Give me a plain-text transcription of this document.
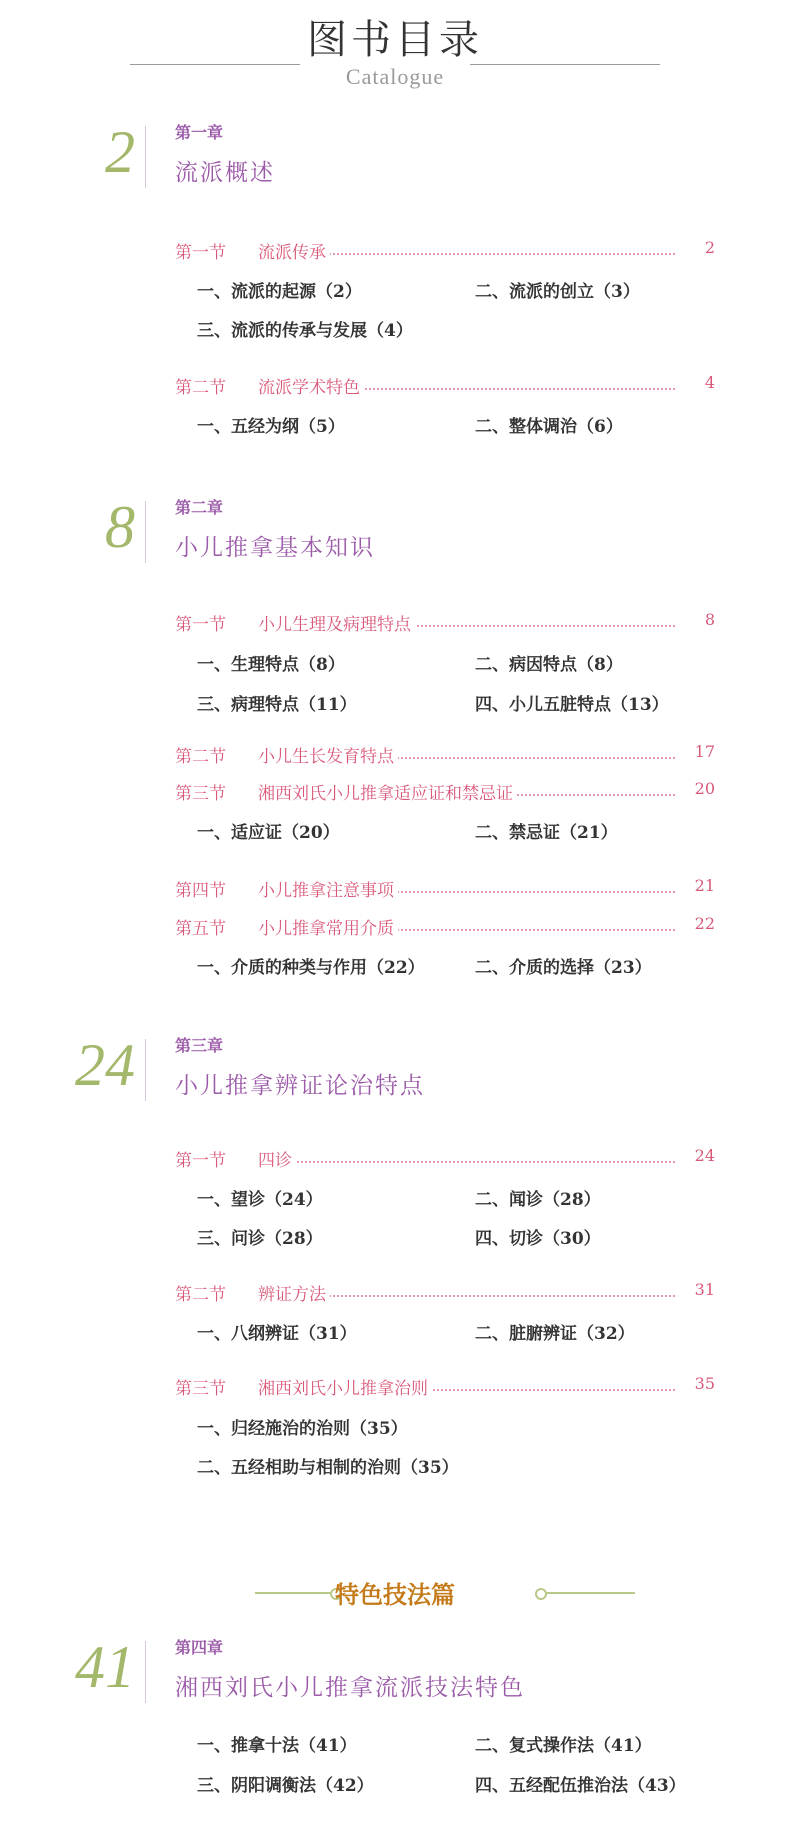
图书目录
Catalogue
2	第一章
流派概述
第一节 流派传承	2
一、流派的起源（2）	二、流派的创立（3）
三、流派的传承与发展（4）
第二节 流派学术特色	4
一、五经为纲（5）	二、整体调治（6）
8	第二章
小儿推拿基本知识
第一节 小儿生理及病理特点	8
一、生理特点（8）	二、病因特点（8）
三、病理特点（11）	四、小儿五脏特点（13）
第二节 小儿生长发育特点	17
第三节 湘西刘氏小儿推拿适应证和禁忌证	20
一、适应证（20）	二、禁忌证（21）
第四节 小儿推拿注意事项	21
第五节 小儿推拿常用介质	22
一、介质的种类与作用（22）	二、介质的选择（23）
24	第三章
小儿推拿辨证论治特点
第一节 四诊	24
一、望诊（24）	二、闻诊（28）
三、问诊（28）	四、切诊（30）
第二节 辨证方法	31
一、八纲辨证（31）	二、脏腑辨证（32）
第三节 湘西刘氏小儿推拿治则	35
一、归经施治的治则（35）
二、五经相助与相制的治则（35）
特色技法篇
41	第四章
湘西刘氏小儿推拿流派技法特色
一、推拿十法（41）	二、复式操作法（41）
三、阴阳调衡法（42）	四、五经配伍推治法（43）
